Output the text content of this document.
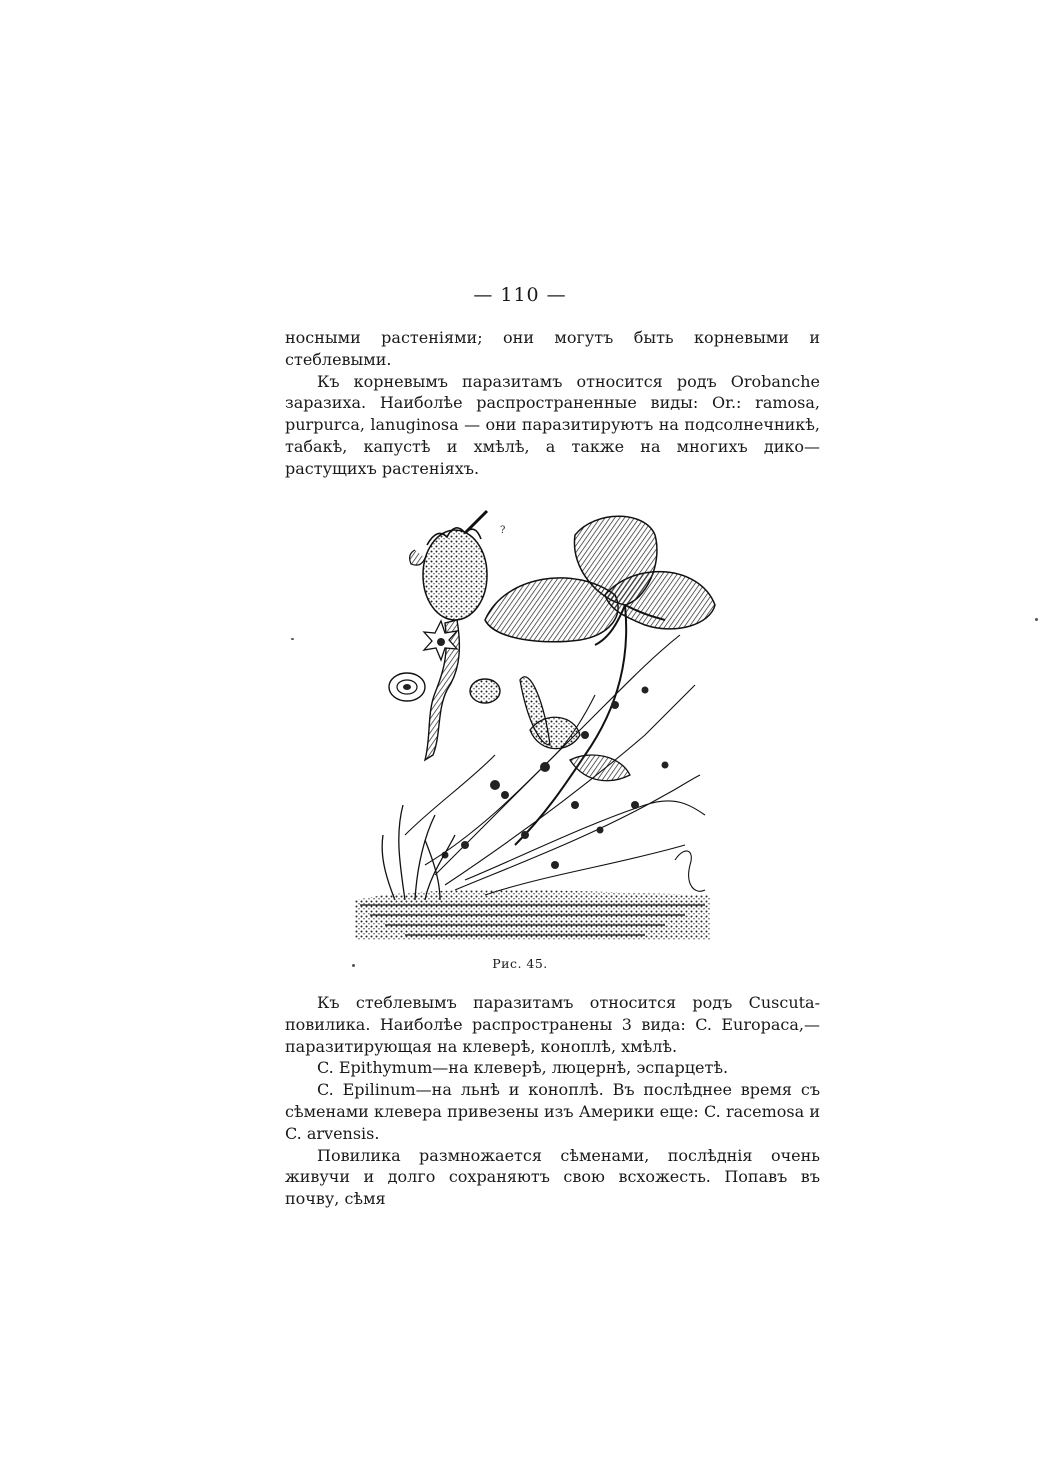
— 110 —

носными растеніями; они могутъ быть корневыми и стеблевыми.

Къ корневымъ паразитамъ относится родъ Orobanche заразиха. Наиболѣе распространенные виды: Or.: ramosa, purpurca, lanuginosa — они паразитируютъ на подсолнечникѣ, табакѣ, капустѣ и хмѣлѣ, а также на многихъ дико—растущихъ растеніяхъ.

?
Рис. 45.

Къ стеблевымъ паразитамъ относится родъ Cuscuta-повилика. Наиболѣе распространены 3 вида: C. Europaca,— паразитирующая на клеверѣ, коноплѣ, хмѣлѣ.

C. Epithymum—на клеверѣ, люцернѣ, эспарцетѣ.

C. Epilinum—на льнѣ и коноплѣ. Въ послѣднее время съ сѣменами клевера привезены изъ Америки еще: C. racemosa и C. arvensis.

Повилика размножается сѣменами, послѣднія очень живучи и долго сохраняютъ свою всхожесть. Попавъ въ почву, сѣмя
